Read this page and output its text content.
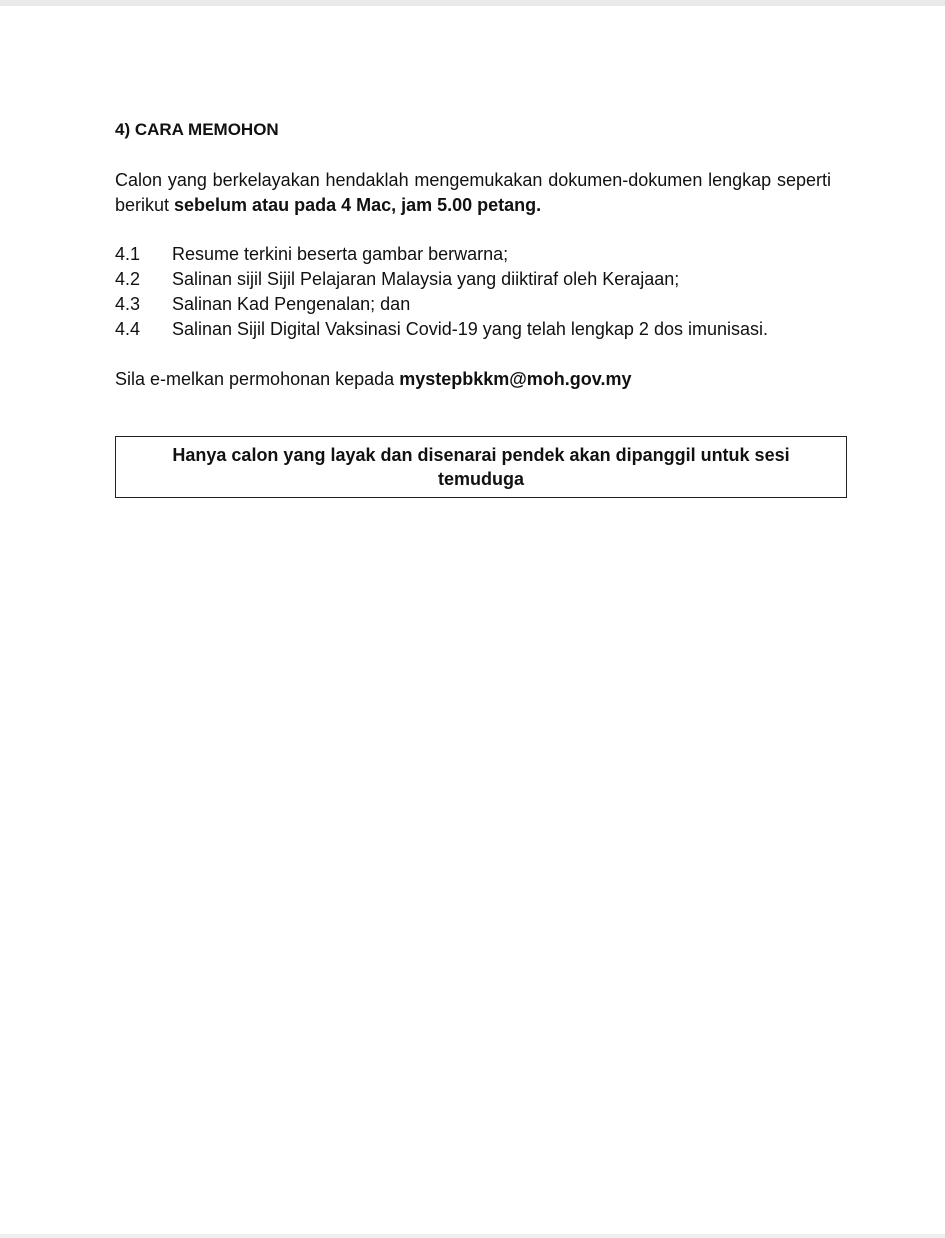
4) CARA MEMOHON

Calon yang berkelayakan hendaklah mengemukakan dokumen-dokumen lengkap seperti berikut sebelum atau pada 4 Mac, jam 5.00 petang.

4.1	Resume terkini beserta gambar berwarna;
4.2	Salinan sijil Sijil Pelajaran Malaysia yang diiktiraf oleh Kerajaan;
4.3	Salinan Kad Pengenalan; dan
4.4	Salinan Sijil Digital Vaksinasi Covid-19 yang telah lengkap 2 dos imunisasi.

Sila e-melkan permohonan kepada mystepbkkm@moh.gov.my

Hanya calon yang layak dan disenarai pendek akan dipanggil untuk sesi temuduga
